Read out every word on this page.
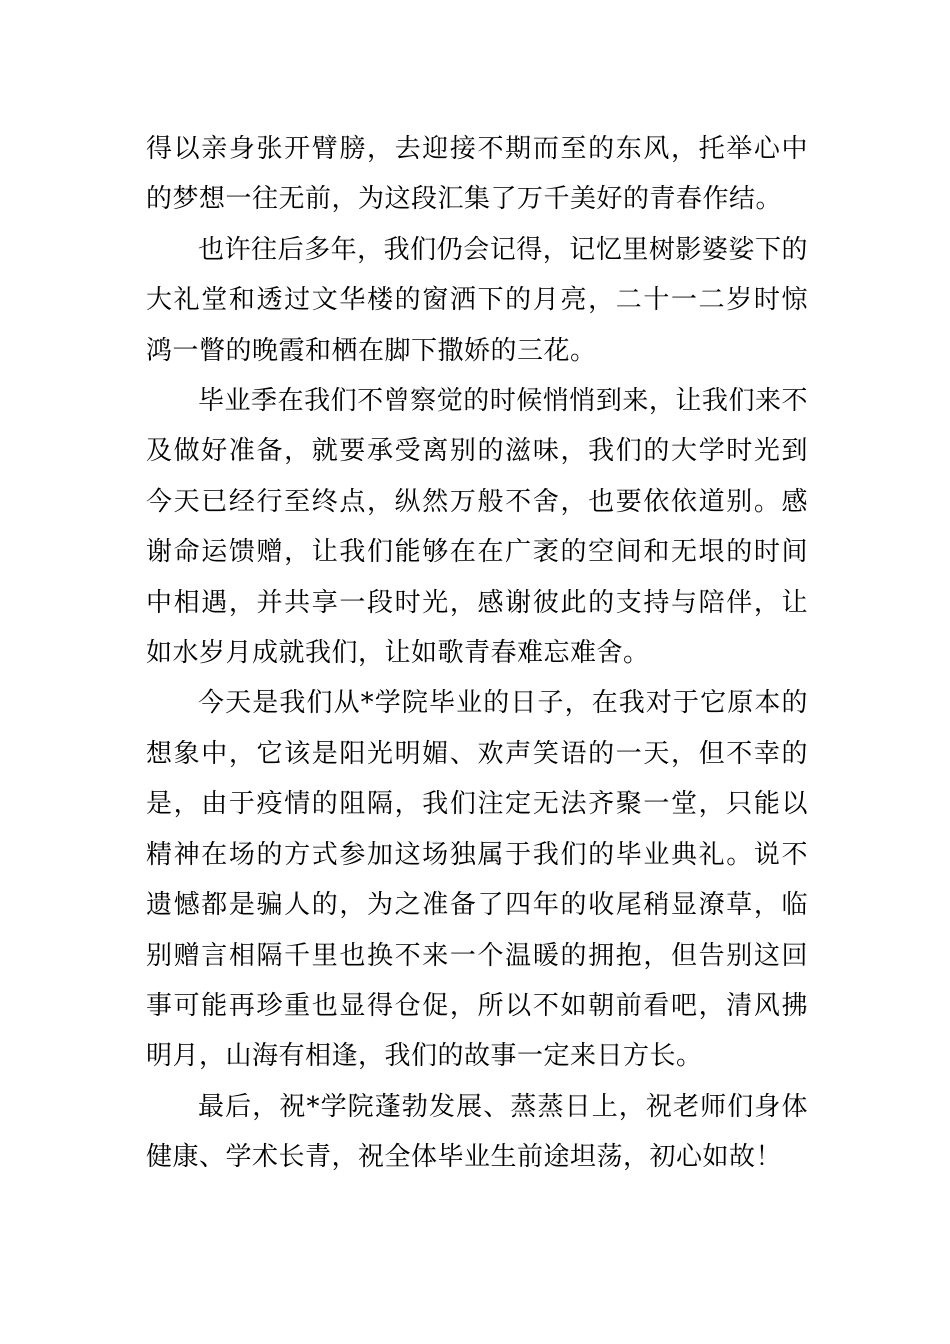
得以亲身张开臂膀，去迎接不期而至的东风，托举心中的梦想一往无前，为这段汇集了万千美好的青春作结。

也许往后多年，我们仍会记得，记忆里树影婆娑下的大礼堂和透过文华楼的窗洒下的月亮，二十一二岁时惊鸿一瞥的晚霞和栖在脚下撒娇的三花。

毕业季在我们不曾察觉的时候悄悄到来，让我们来不及做好准备，就要承受离别的滋味，我们的大学时光到今天已经行至终点，纵然万般不舍，也要依依道别。感谢命运馈赠，让我们能够在在广袤的空间和无垠的时间中相遇，并共享一段时光，感谢彼此的支持与陪伴，让如水岁月成就我们，让如歌青春难忘难舍。

今天是我们从*学院毕业的日子，在我对于它原本的想象中，它该是阳光明媚、欢声笑语的一天，但不幸的是，由于疫情的阻隔，我们注定无法齐聚一堂，只能以精神在场的方式参加这场独属于我们的毕业典礼。说不遗憾都是骗人的，为之准备了四年的收尾稍显潦草，临别赠言相隔千里也换不来一个温暖的拥抱，但告别这回事可能再珍重也显得仓促，所以不如朝前看吧，清风拂明月，山海有相逢，我们的故事一定来日方长。

最后，祝*学院蓬勃发展、蒸蒸日上，祝老师们身体健康、学术长青，祝全体毕业生前途坦荡，初心如故！
